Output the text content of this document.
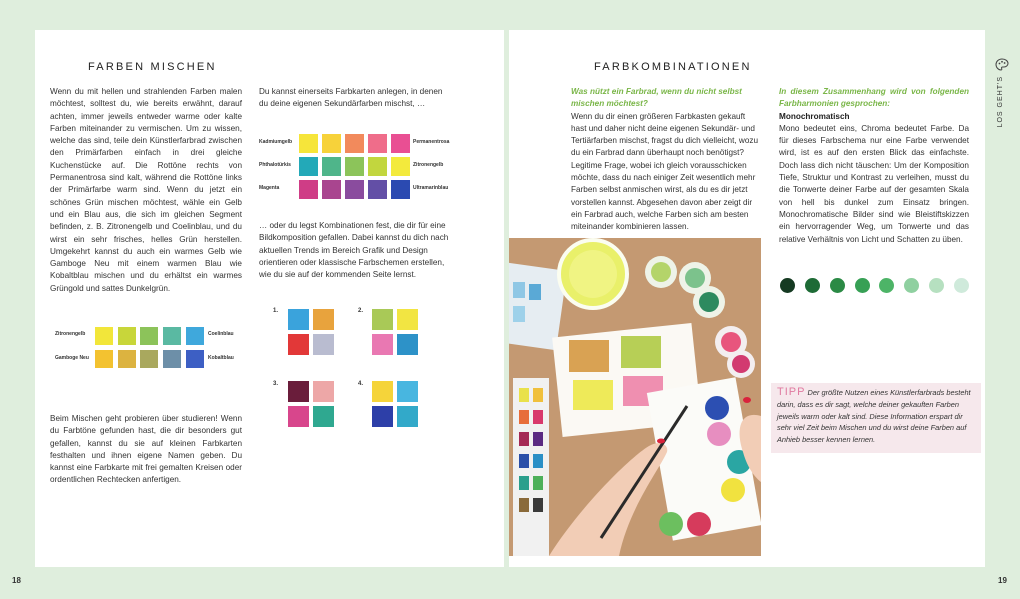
FARBEN MISCHEN
Wenn du mit hellen und strahlenden Farben malen möchtest, solltest du, wie bereits erwähnt, darauf achten, immer jeweils entweder warme oder kalte Farben miteinander zu vermischen. Um zu wissen, welche das sind, teile dein Künstlerfarbrad zwischen den Primärfarben einfach in drei gleiche Kuchenstücke auf. Die Rottöne rechts von Permanentrosa sind kalt, während die Rottöne links der Primärfarbe warm sind. Wenn du jetzt ein schönes Grün mischen möchtest, wähle ein Gelb und ein Blau aus, die sich im gleichen Segment befinden, z. B. Zitronengelb und Coelinblau, und du wirst ein sehr frisches, helles Grün herstellen. Umgekehrt kannst du auch ein warmes Gelb wie Gamboge Neu mit einem warmen Blau wie Kobaltblau mischen und du erhältst ein warmes Grüngold und sattes Dunkelgrün.
Zitronengelb	Coelinblau
Gamboge Neu	Kobaltblau
Beim Mischen geht probieren über studieren! Wenn du Farbtöne gefunden hast, die dir besonders gut gefallen, kannst du sie auf kleinen Farbkarten festhalten und ihnen eigene Namen geben. Du kannst eine Farbkarte mit frei gemalten Kreisen oder ordentlichen Rechtecken anfertigen.
Du kannst einerseits Farbkarten anlegen, in denen du deine eigenen Sekundärfarben mischst, …
Kadmiumgelb	Permanentrosa
Phthalotürkis	Zitronengelb
Magenta	Ultramarinblau
… oder du legst Kombinationen fest, die dir für eine Bildkomposition gefallen. Dabei kannst du dich nach aktuellen Trends im Bereich Grafik und Design orientieren oder klassische Farbschemen erstellen, wie du sie auf der kommenden Seite lernst.
1.	2.
3.	4.
18
FARBKOMBINATIONEN
Was nützt ein Farbrad, wenn du nicht selbst mischen möchtest?
Wenn du dir einen größeren Farbkasten gekauft hast und daher nicht deine eigenen Sekundär- und Tertiärfarben mischst, fragst du dich vielleicht, wozu du ein Farbrad dann überhaupt noch benötigst? Legitime Frage, wobei ich gleich vorausschicken möchte, dass du nach einiger Zeit wesentlich mehr Farben selbst anmischen wirst, als du es dir jetzt vorstellen kannst. Abgesehen davon aber zeigt dir ein Farbrad auch, welche Farben sich am besten miteinander kombinieren lassen.
In diesem Zusammenhang wird von folgenden Farbharmonien gesprochen:
Monochromatisch
Mono bedeutet eins, Chroma bedeutet Farbe. Da für dieses Farbschema nur eine Farbe verwendet wird, ist es auf den ersten Blick das einfachste. Doch lass dich nicht täuschen: Um der Komposition Tiefe, Struktur und Kontrast zu verleihen, musst du die Tonwerte deiner Farbe auf der gesamten Skala von hell bis dunkel zum Einsatz bringen. Monochromatische Bilder sind wie Bleistiftskizzen ein hervorragender Weg, um Tonwerte und das relative Verhältnis von Licht und Schatten zu üben.
TIPP Der größte Nutzen eines Künstlerfarbrads besteht darin, dass es dir sagt, welche deiner gekauften Farben jeweils warm oder kalt sind. Diese Information erspart dir sehr viel Zeit beim Mischen und du wirst deine Farben auf Anhieb besser kennen lernen.
LOS GEHT'S
19
